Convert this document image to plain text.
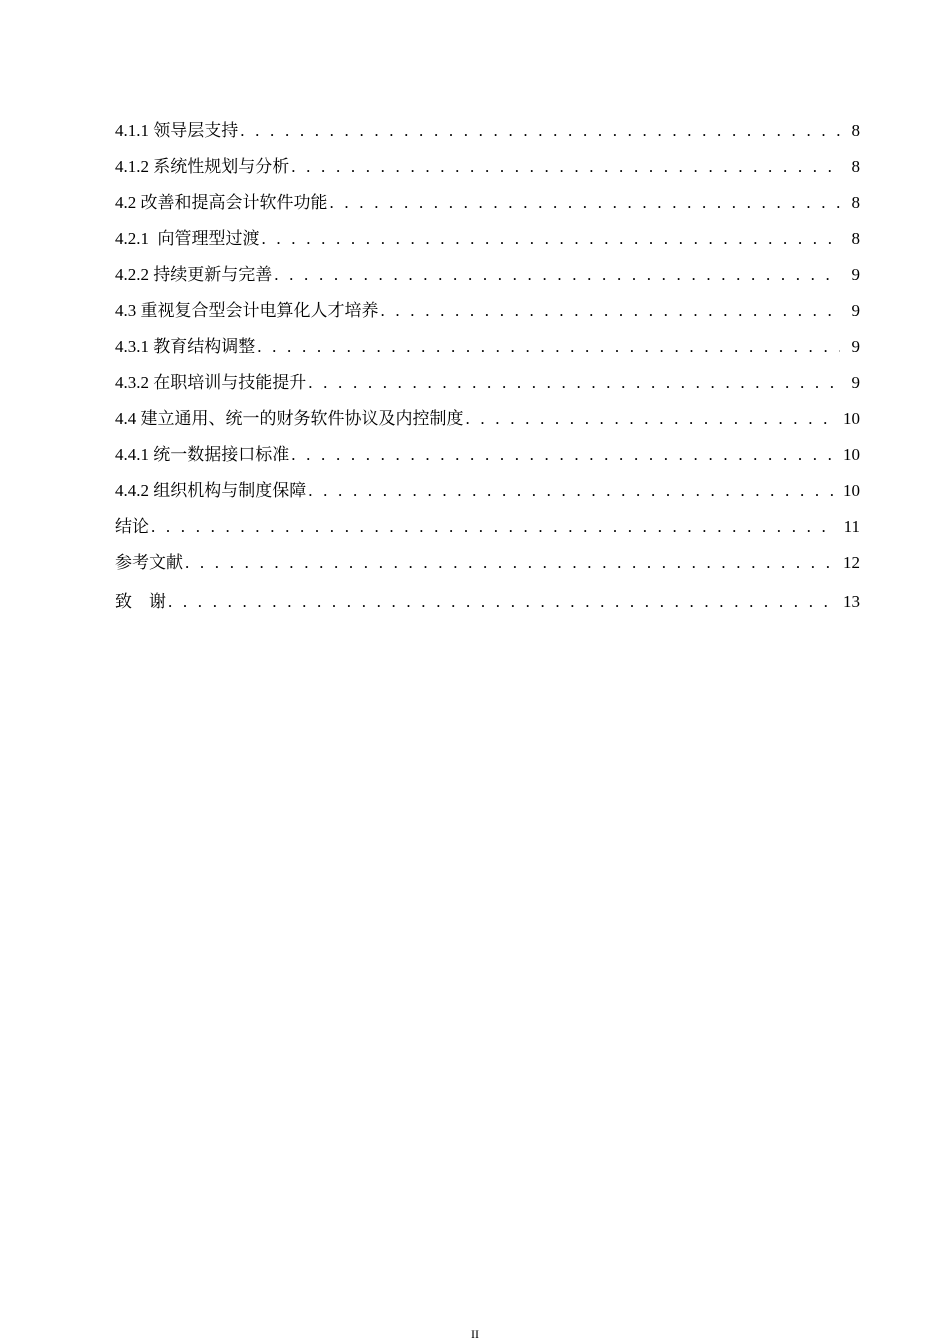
4.1.1 领导层支持 . . .	8
4.1.2 系统性规划与分析 . . .	8
4.2 改善和提高会计软件功能 . . .	8
4.2.1  向管理型过渡 . . .	8
4.2.2 持续更新与完善 . . .	9
4.3 重视复合型会计电算化人才培养 . . .	9
4.3.1 教育结构调整 . . .	9
4.3.2 在职培训与技能提升 . . .	9
4.4 建立通用、统一的财务软件协议及内控制度 . . .	10
4.4.1 统一数据接口标准 . . .	10
4.4.2 组织机构与制度保障 . . .	10
结论 . . .	11
参考文献 . . .	12
致    谢 . . .	13
II
